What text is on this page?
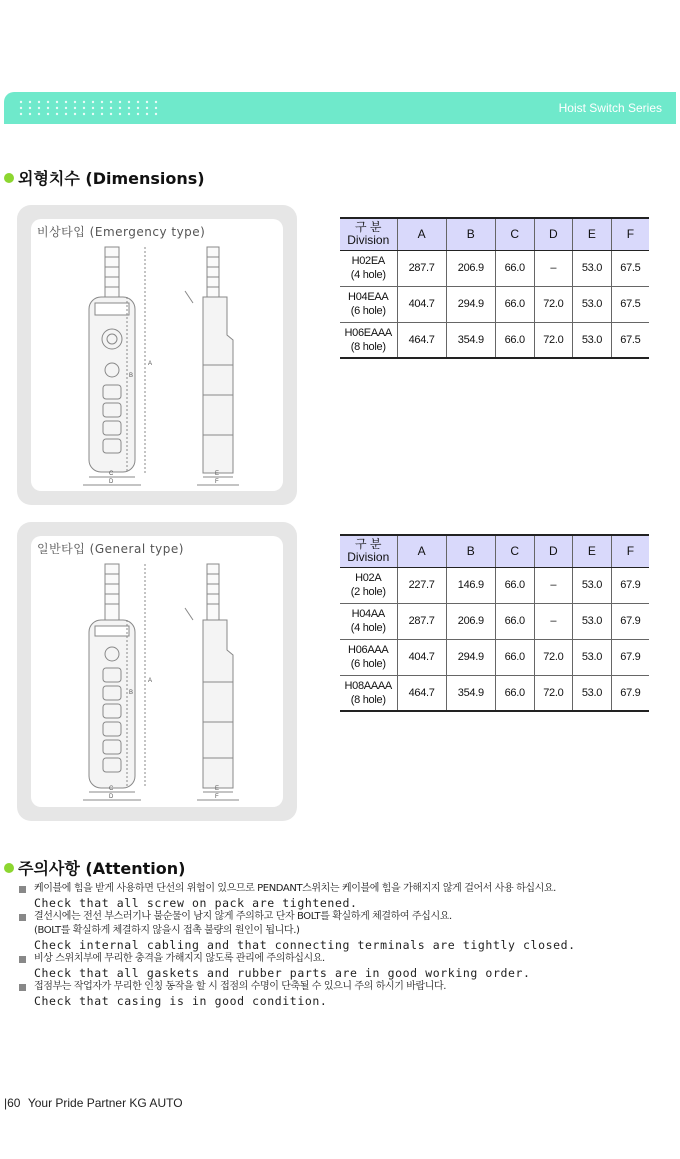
Hoist Switch Series
외형치수 (Dimensions)
비상타입 (Emergency type)
A
B
C
D
E
F
구 분
Division	A	B	C	D	E	F
H02EA
(4 hole)	287.7	206.9	66.0	–	53.0	67.5
H04EAA
(6 hole)	404.7	294.9	66.0	72.0	53.0	67.5
H06EAAA
(8 hole)	464.7	354.9	66.0	72.0	53.0	67.5
일반타입 (General type)
A
B
C
D
E
F
구 분
Division	A	B	C	D	E	F
H02A
(2 hole)	227.7	146.9	66.0	–	53.0	67.9
H04AA
(4 hole)	287.7	206.9	66.0	–	53.0	67.9
H06AAA
(6 hole)	404.7	294.9	66.0	72.0	53.0	67.9
H08AAAA
(8 hole)	464.7	354.9	66.0	72.0	53.0	67.9
주의사항 (Attention)
케이블에 힘을 받게 사용하면 단선의 위험이 있으므로 PENDANT스위치는 케이블에 힘을 가해지지 않게 걸어서 사용 하십시요.
Check that all screw on pack are tightened.
결선시에는 전선 부스러기나 불순물이 남지 않게 주의하고 단자 BOLT를 확실하게 체결하여 주십시요.
(BOLT를 확실하게 체결하지 않을시 접촉 불량의 원인이 됩니다.)
Check internal cabling and that connecting terminals are tightly closed.
비상 스위치부에 무리한 충격을 가해지지 않도록 관리에 주의하십시요.
Check that all gaskets and rubber parts are in good working order.
접점부는 작업자가 무리한 인칭 동작을 할 시 접점의 수명이 단축될 수 있으니 주의 하시기 바랍니다.
Check that casing is in good condition.
|60 Your Pride Partner KG AUTO
